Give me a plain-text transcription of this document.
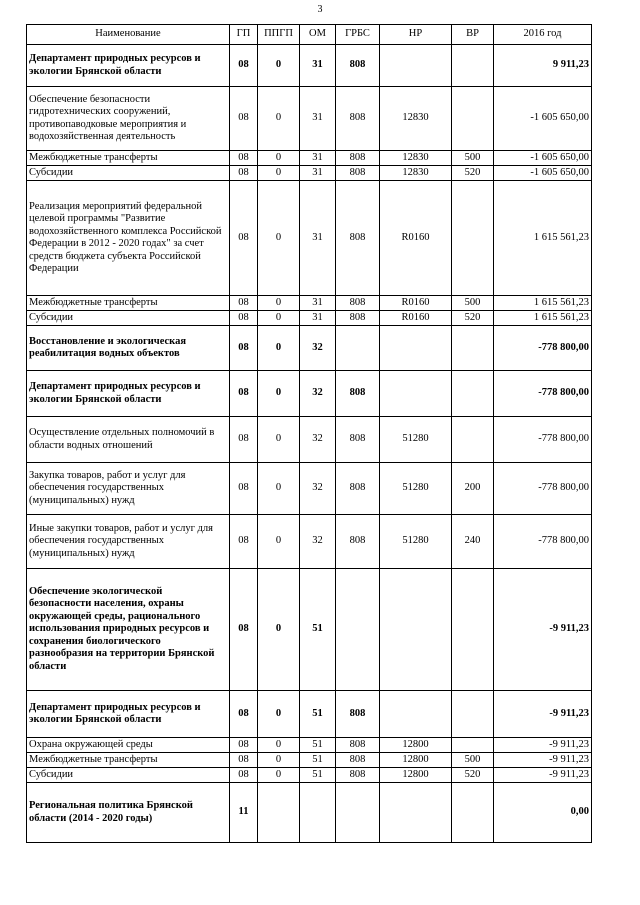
3
Наименование	ГП	ППГП	ОМ	ГРБС	НР	ВР	2016 год
Департамент природных ресурсов и экологии Брянской области	08	0	31	808			9 911,23
Обеспечение безопасности гидротехнических сооружений, противопаводковые мероприятия и водохозяйственная деятельность	08	0	31	808	12830		-1 605 650,00
Межбюджетные трансферты	08	0	31	808	12830	500	-1 605 650,00
Субсидии	08	0	31	808	12830	520	-1 605 650,00
Реализация мероприятий федеральной целевой программы "Развитие водохозяйственного комплекса Российской Федерации в 2012 - 2020 годах" за счет средств бюджета субъекта Российской Федерации	08	0	31	808	R0160		1 615 561,23
Межбюджетные трансферты	08	0	31	808	R0160	500	1 615 561,23
Субсидии	08	0	31	808	R0160	520	1 615 561,23
Восстановление и экологическая реабилитация водных объектов	08	0	32				-778 800,00
Департамент природных ресурсов и экологии Брянской области	08	0	32	808			-778 800,00
Осуществление отдельных полномочий в области водных отношений	08	0	32	808	51280		-778 800,00
Закупка товаров, работ и услуг для обеспечения государственных (муниципальных) нужд	08	0	32	808	51280	200	-778 800,00
Иные закупки товаров, работ и услуг для обеспечения государственных (муниципальных) нужд	08	0	32	808	51280	240	-778 800,00
Обеспечение экологической безопасности населения, охраны окружающей среды, рационального использования природных ресурсов и сохранения биологического разнообразия на территории Брянской области	08	0	51				-9 911,23
Департамент природных ресурсов и экологии Брянской области	08	0	51	808			-9 911,23
Охрана окружающей среды	08	0	51	808	12800		-9 911,23
Межбюджетные трансферты	08	0	51	808	12800	500	-9 911,23
Субсидии	08	0	51	808	12800	520	-9 911,23
Региональная политика Брянской области (2014 - 2020 годы)	11						0,00
